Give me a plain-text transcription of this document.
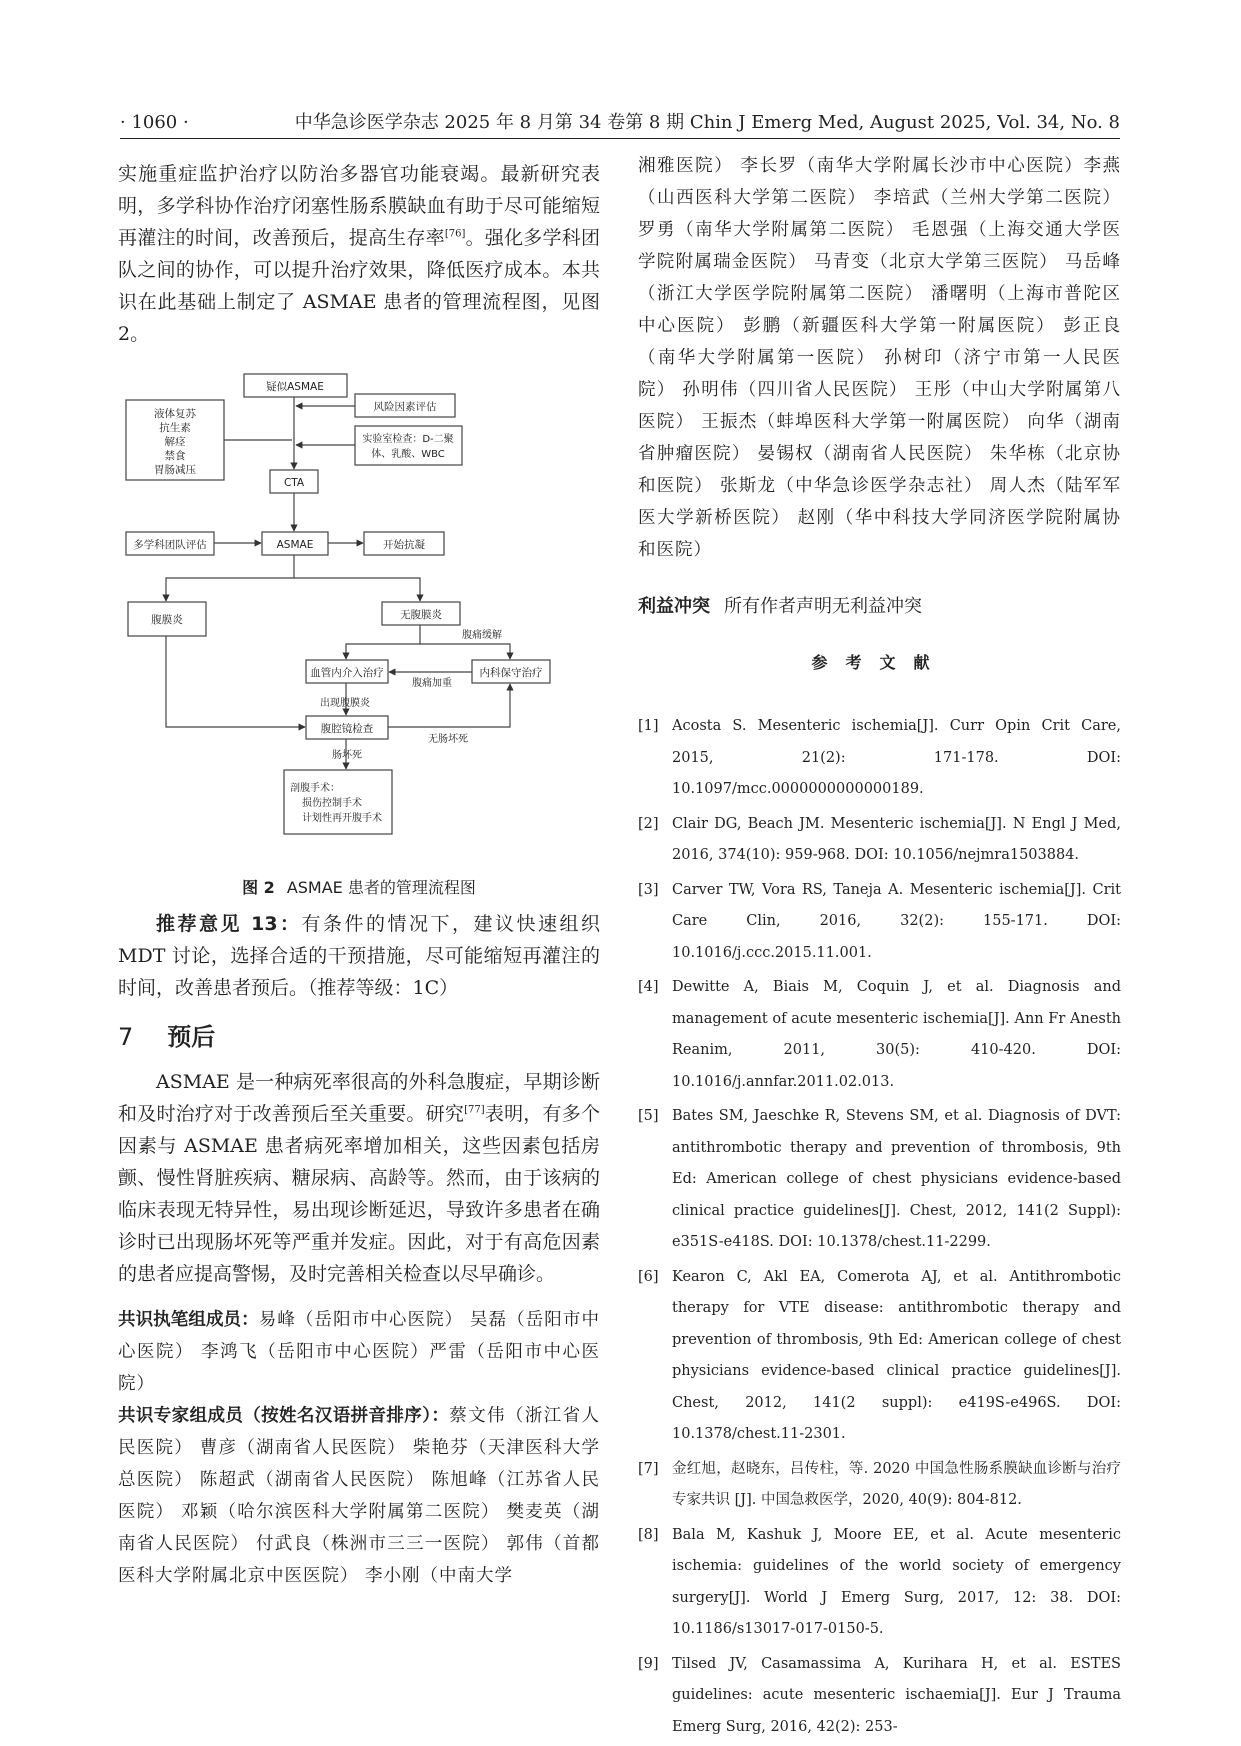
· 1060 ·	中华急诊医学杂志 2025 年 8 月第 34 卷第 8 期 Chin J Emerg Med, August 2025, Vol. 34, No. 8

实施重症监护治疗以防治多器官功能衰竭。最新研究表明，多学科协作治疗闭塞性肠系膜缺血有助于尽可能缩短再灌注的时间，改善预后，提高生存率[76]。强化多学科团队之间的协作，可以提升治疗效果，降低医疗成本。本共识在此基础上制定了 ASMAE 患者的管理流程图，见图 2。

疑似ASMAE
风险因素评估
实验室检查：D-二聚
体、乳酸、WBC
液体复苏
抗生素
解痉
禁食
胃肠减压
CTA
多学科团队评估	ASMAE	开始抗凝
腹膜炎	无腹膜炎
血管内介入治疗	内科保守治疗
腹腔镜检查
剖腹手术：
损伤控制手术
计划性再开腹手术
腹痛缓解
腹痛加重
出现腹膜炎
无肠坏死
肠坏死
图 2 ASMAE 患者的管理流程图

推荐意见 13：有条件的情况下，建议快速组织 MDT 讨论，选择合适的干预措施，尽可能缩短再灌注的时间，改善患者预后。（推荐等级：1C）

7 预后

ASMAE 是一种病死率很高的外科急腹症，早期诊断和及时治疗对于改善预后至关重要。研究[77]表明，有多个因素与 ASMAE 患者病死率增加相关，这些因素包括房颤、慢性肾脏疾病、糖尿病、高龄等。然而，由于该病的临床表现无特异性，易出现诊断延迟，导致许多患者在确诊时已出现肠坏死等严重并发症。因此，对于有高危因素的患者应提高警惕，及时完善相关检查以尽早确诊。

共识执笔组成员：易峰（岳阳市中心医院） 吴磊（岳阳市中心医院） 李鸿飞（岳阳市中心医院）严雷（岳阳市中心医院）
共识专家组成员（按姓名汉语拼音排序）：蔡文伟（浙江省人民医院） 曹彦（湖南省人民医院） 柴艳芬（天津医科大学总医院） 陈超武（湖南省人民医院） 陈旭峰（江苏省人民医院） 邓颖（哈尔滨医科大学附属第二医院） 樊麦英（湖南省人民医院） 付武良（株洲市三三一医院） 郭伟（首都医科大学附属北京中医医院） 李小刚（中南大学

湘雅医院） 李长罗（南华大学附属长沙市中心医院）李燕（山西医科大学第二医院） 李培武（兰州大学第二医院） 罗勇（南华大学附属第二医院） 毛恩强（上海交通大学医学院附属瑞金医院） 马青变（北京大学第三医院） 马岳峰（浙江大学医学院附属第二医院） 潘曙明（上海市普陀区中心医院） 彭鹏（新疆医科大学第一附属医院） 彭正良（南华大学附属第一医院） 孙树印（济宁市第一人民医院） 孙明伟（四川省人民医院） 王彤（中山大学附属第八医院） 王振杰（蚌埠医科大学第一附属医院） 向华（湖南省肿瘤医院） 晏锡权（湖南省人民医院） 朱华栋（北京协和医院） 张斯龙（中华急诊医学杂志社） 周人杰（陆军军医大学新桥医院） 赵刚（华中科技大学同济医学院附属协和医院）

利益冲突 所有作者声明无利益冲突

参考文献
[1] Acosta S. Mesenteric ischemia[J]. Curr Opin Crit Care, 2015, 21(2): 171-178. DOI: 10.1097/mcc.0000000000000189.
[2] Clair DG, Beach JM. Mesenteric ischemia[J]. N Engl J Med, 2016, 374(10): 959-968. DOI: 10.1056/nejmra1503884.
[3] Carver TW, Vora RS, Taneja A. Mesenteric ischemia[J]. Crit Care Clin, 2016, 32(2): 155-171. DOI: 10.1016/j.ccc.2015.11.001.
[4] Dewitte A, Biais M, Coquin J, et al. Diagnosis and management of acute mesenteric ischemia[J]. Ann Fr Anesth Reanim, 2011, 30(5): 410-420. DOI: 10.1016/j.annfar.2011.02.013.
[5] Bates SM, Jaeschke R, Stevens SM, et al. Diagnosis of DVT: antithrombotic therapy and prevention of thrombosis, 9th Ed: American college of chest physicians evidence-based clinical practice guidelines[J]. Chest, 2012, 141(2 Suppl): e351S-e418S. DOI: 10.1378/chest.11-2299.
[6] Kearon C, Akl EA, Comerota AJ, et al. Antithrombotic therapy for VTE disease: antithrombotic therapy and prevention of thrombosis, 9th Ed: American college of chest physicians evidence-based clinical practice guidelines[J]. Chest, 2012, 141(2 suppl): e419S-e496S. DOI: 10.1378/chest.11-2301.
[7] 金红旭，赵晓东，吕传柱，等. 2020 中国急性肠系膜缺血诊断与治疗专家共识 [J]. 中国急救医学，2020, 40(9): 804-812.
[8] Bala M, Kashuk J, Moore EE, et al. Acute mesenteric ischemia: guidelines of the world society of emergency surgery[J]. World J Emerg Surg, 2017, 12: 38. DOI: 10.1186/s13017-017-0150-5.
[9] Tilsed JV, Casamassima A, Kurihara H, et al. ESTES guidelines: acute mesenteric ischaemia[J]. Eur J Trauma Emerg Surg, 2016, 42(2): 253-
